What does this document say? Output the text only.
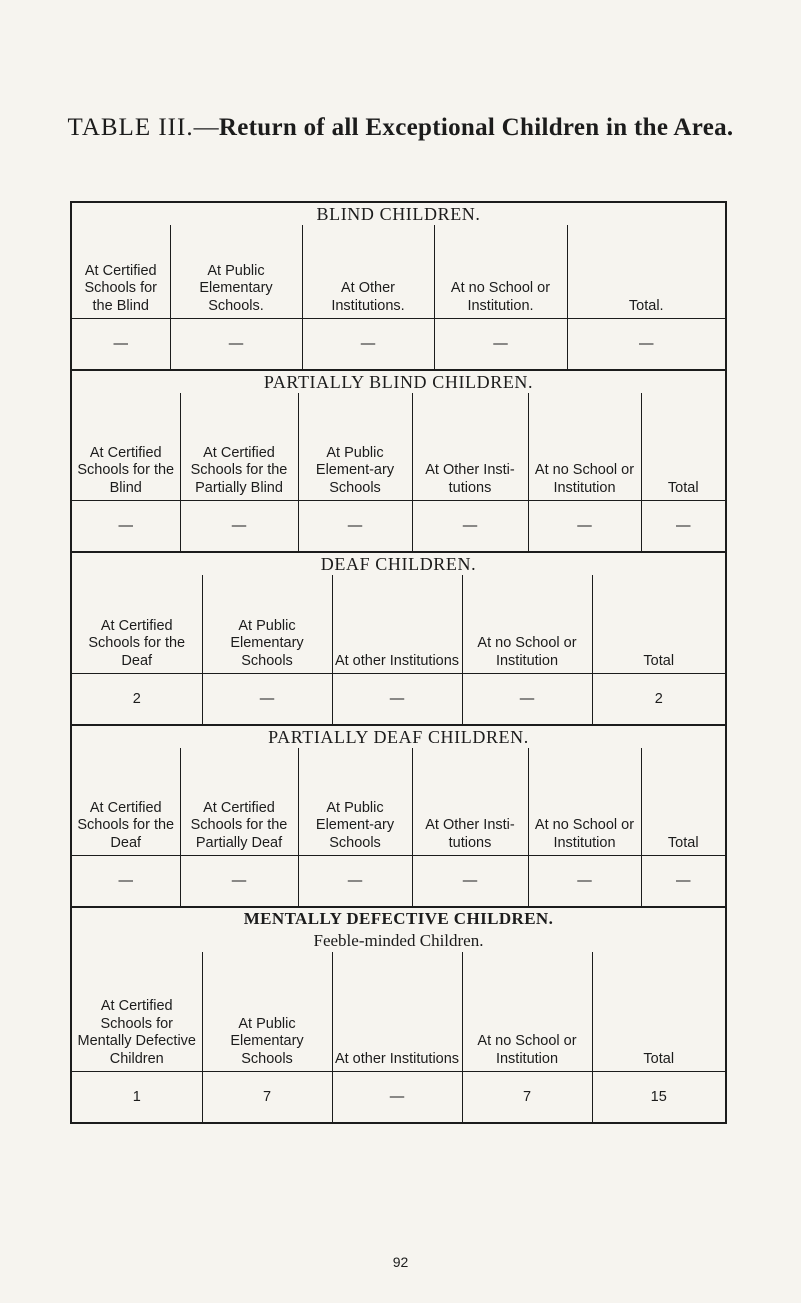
TABLE III.—Return of all Exceptional Children in the Area.
BLIND CHILDREN.
At Certified Schools for the Blind	At Public Elementary Schools.	At Other Institutions.	At no School or Institution.	Total.
—	—	—	—	—
PARTIALLY BLIND CHILDREN.
At Certified Schools for the Blind	At Certified Schools for the Partially Blind	At Public Element-ary Schools	At Other Insti-tutions	At no School or Institution	Total
—	—	—	—	—	—
DEAF CHILDREN.
At Certified Schools for the Deaf	At Public Elementary Schools	At other Institutions	At no School or Institution	Total
2	—	—	—	2
PARTIALLY DEAF CHILDREN.
At Certified Schools for the Deaf	At Certified Schools for the Partially Deaf	At Public Element-ary Schools	At Other Insti-tutions	At no School or Institution	Total
—	—	—	—	—	—
MENTALLY DEFECTIVE CHILDREN.
Feeble-minded Children.
At Certified Schools for Mentally Defective Children	At Public Elementary Schools	At other Institutions	At no School or Institution	Total
1	7	—	7	15
92
